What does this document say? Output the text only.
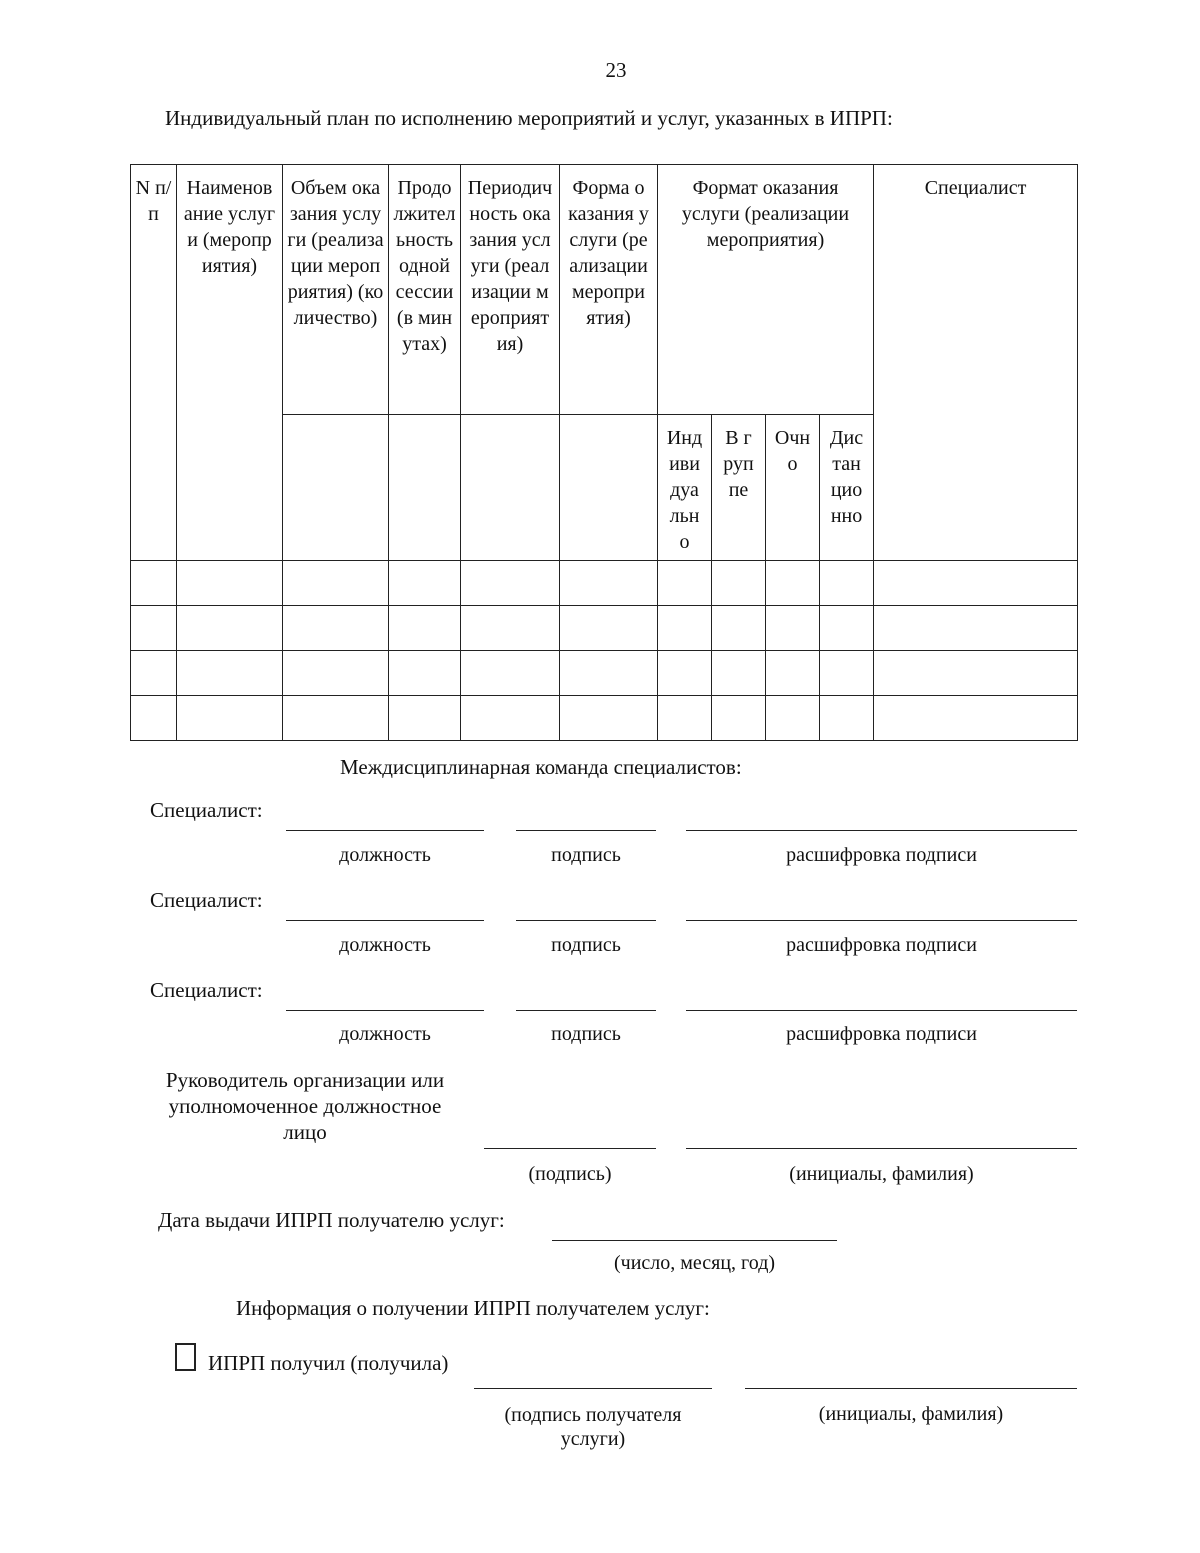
23
Индивидуальный план по исполнению мероприятий и услуг, указанных в ИПРП:
N п/п	Наименование услуги (мероприятия)	Объем оказания услуги (реализации мероприятия) (количество)	Продолжительность одной сессии (в минутах)	Периодичность оказания услуги (реализации мероприятия)	Форма оказания услуги (реализации мероприятия)	Формат оказания услуги (реализации мероприятия)				Специалист
						Индивидуально	В группе	Очно	Дистанционно	

Междисциплинарная команда специалистов:
Специалист:
должность	подпись	расшифровка подписи
Специалист:
должность	подпись	расшифровка подписи
Специалист:
должность	подпись	расшифровка подписи
Руководитель организации или
уполномоченное должностное
лицо
(подпись)	(инициалы, фамилия)
Дата выдачи ИПРП получателю услуг:
(число, месяц, год)
Информация о получении ИПРП получателем услуг:
ИПРП получил (получила)
(подпись получателя
услуги)
(инициалы, фамилия)
